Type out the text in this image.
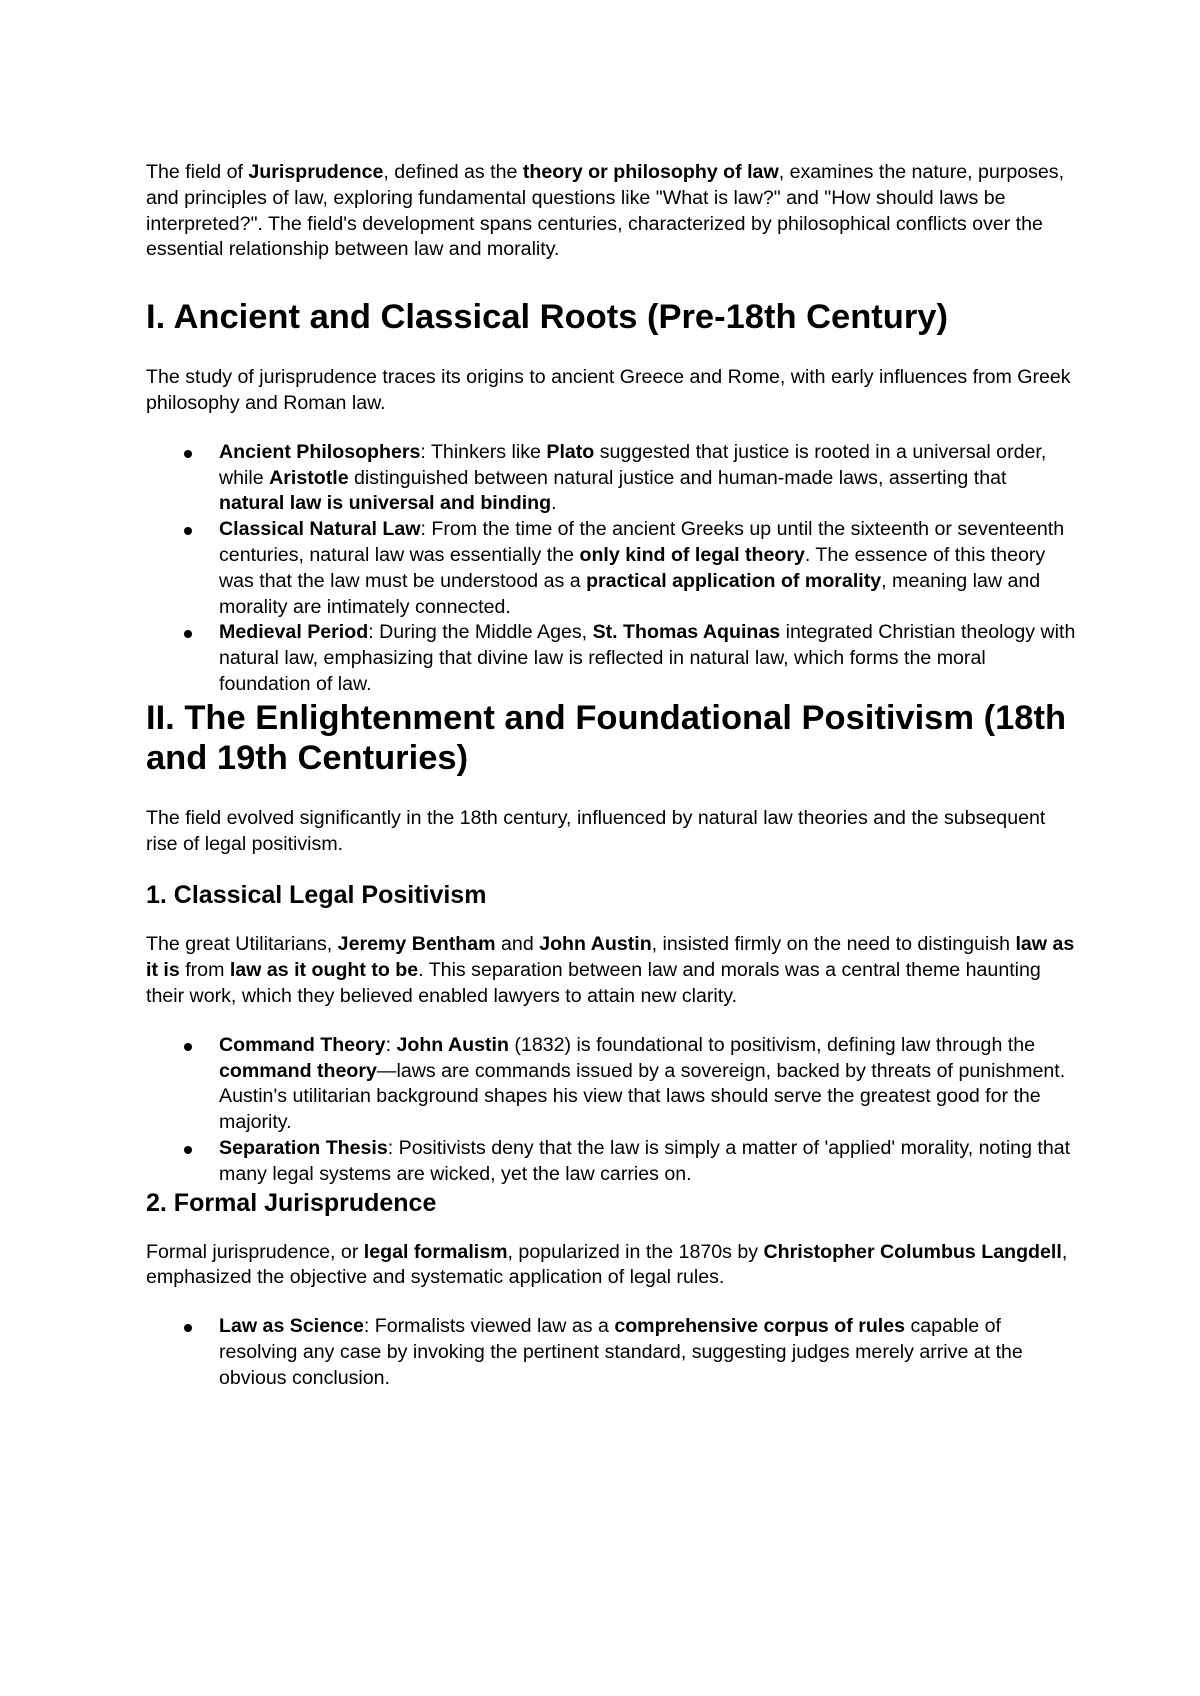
The field of Jurisprudence, defined as the theory or philosophy of law, examines the nature, purposes, and principles of law, exploring fundamental questions like "What is law?" and "How should laws be interpreted?". The field's development spans centuries, characterized by philosophical conflicts over the essential relationship between law and morality.

I. Ancient and Classical Roots (Pre-18th Century)

The study of jurisprudence traces its origins to ancient Greece and Rome, with early influences from Greek philosophy and Roman law.

Ancient Philosophers: Thinkers like Plato suggested that justice is rooted in a universal order, while Aristotle distinguished between natural justice and human-made laws, asserting that natural law is universal and binding.
Classical Natural Law: From the time of the ancient Greeks up until the sixteenth or seventeenth centuries, natural law was essentially the only kind of legal theory. The essence of this theory was that the law must be understood as a practical application of morality, meaning law and morality are intimately connected.
Medieval Period: During the Middle Ages, St. Thomas Aquinas integrated Christian theology with natural law, emphasizing that divine law is reflected in natural law, which forms the moral foundation of law.
II. The Enlightenment and Foundational Positivism (18th and 19th Centuries)

The field evolved significantly in the 18th century, influenced by natural law theories and the subsequent rise of legal positivism.

1. Classical Legal Positivism

The great Utilitarians, Jeremy Bentham and John Austin, insisted firmly on the need to distinguish law as it is from law as it ought to be. This separation between law and morals was a central theme haunting their work, which they believed enabled lawyers to attain new clarity.

Command Theory: John Austin (1832) is foundational to positivism, defining law through the command theory—laws are commands issued by a sovereign, backed by threats of punishment. Austin's utilitarian background shapes his view that laws should serve the greatest good for the majority.
Separation Thesis: Positivists deny that the law is simply a matter of 'applied' morality, noting that many legal systems are wicked, yet the law carries on.
2. Formal Jurisprudence

Formal jurisprudence, or legal formalism, popularized in the 1870s by Christopher Columbus Langdell, emphasized the objective and systematic application of legal rules.

Law as Science: Formalists viewed law as a comprehensive corpus of rules capable of resolving any case by invoking the pertinent standard, suggesting judges merely arrive at the obvious conclusion.
